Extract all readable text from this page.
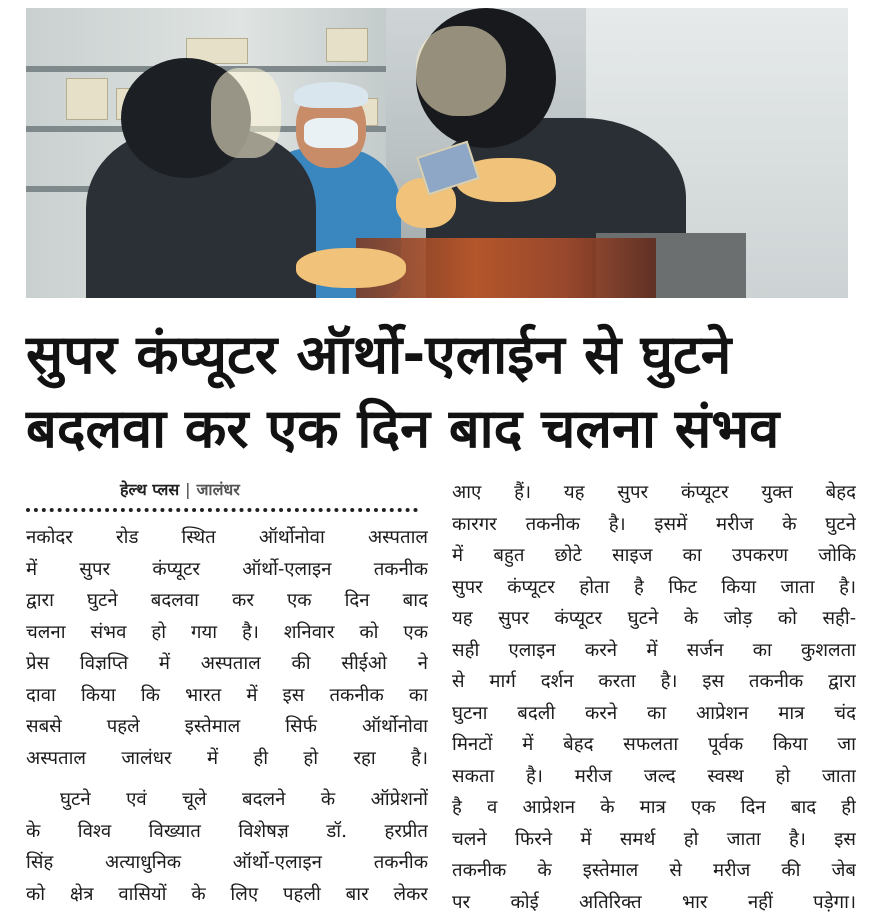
सुपर कंप्यूटर ऑर्थो-एलाईन से घुटने
बदलवा कर एक दिन बाद चलना संभव
हेल्थ प्लस | जालंधर

नकोदर रोड स्थित ऑर्थोनोवा अस्पताल
में सुपर कंप्यूटर ऑर्थो-एलाइन तकनीक
द्वारा घुटने बदलवा कर एक दिन बाद
चलना संभव हो गया है। शनिवार को एक
प्रेस विज्ञप्ति में अस्पताल की सीईओ ने
दावा किया कि भारत में इस तकनीक का
सबसे पहले इस्तेमाल सिर्फ ऑर्थोनोवा
अस्पताल जालंधर में ही हो रहा है।

घुटने एवं चूले बदलने के ऑप्रेशनों
के विश्व विख्यात विशेषज्ञ डॉ. हरप्रीत
सिंह अत्याधुनिक ऑर्थो-एलाइन तकनीक
को क्षेत्र वासियों के लिए पहली बार लेकर

आए हैं। यह सुपर कंप्यूटर युक्त बेहद
कारगर तकनीक है। इसमें मरीज के घुटने
में बहुत छोटे साइज का उपकरण जोकि
सुपर कंप्यूटर होता है फिट किया जाता है।
यह सुपर कंप्यूटर घुटने के जोड़ को सही-
सही एलाइन करने में सर्जन का कुशलता
से मार्ग दर्शन करता है। इस तकनीक द्वारा
घुटना बदली करने का आप्रेशन मात्र चंद
मिनटों में बेहद सफलता पूर्वक किया जा
सकता है। मरीज जल्द स्वस्थ हो जाता
है व आप्रेशन के मात्र एक दिन बाद ही
चलने फिरने में समर्थ हो जाता है। इस
तकनीक के इस्तेमाल से मरीज की जेब
पर कोई अतिरिक्त भार नहीं पड़ेगा।
